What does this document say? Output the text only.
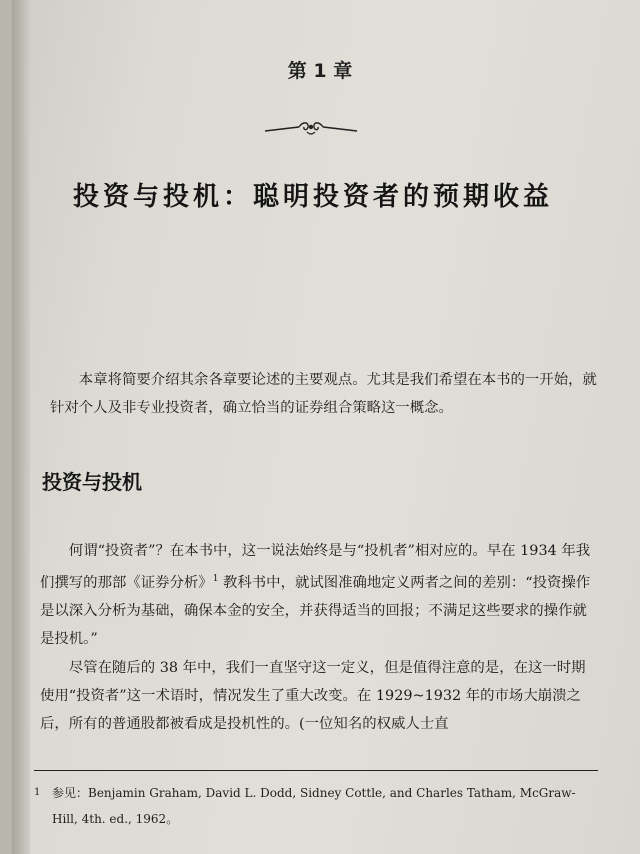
第 1 章
投资与投机：聪明投资者的预期收益

本章将简要介绍其余各章要论述的主要观点。尤其是我们希望在本书的一开始，就针对个人及非专业投资者，确立恰当的证券组合策略这一概念。

投资与投机

何谓“投资者”？在本书中，这一说法始终是与“投机者”相对应的。早在 1934 年我们撰写的那部《证券分析》$^1$ 教科书中，就试图准确地定义两者之间的差别：“投资操作是以深入分析为基础，确保本金的安全，并获得适当的回报；不满足这些要求的操作就是投机。”

尽管在随后的 38 年中，我们一直坚守这一定义，但是值得注意的是，在这一时期使用“投资者”这一术语时，情况发生了重大改变。在 1929~1932 年的市场大崩溃之后，所有的普通股都被看成是投机性的。(一位知名的权威人士直

1 参见：Benjamin Graham, David L. Dodd, Sidney Cottle, and Charles Tatham, McGraw-Hill, 4th. ed., 1962。
